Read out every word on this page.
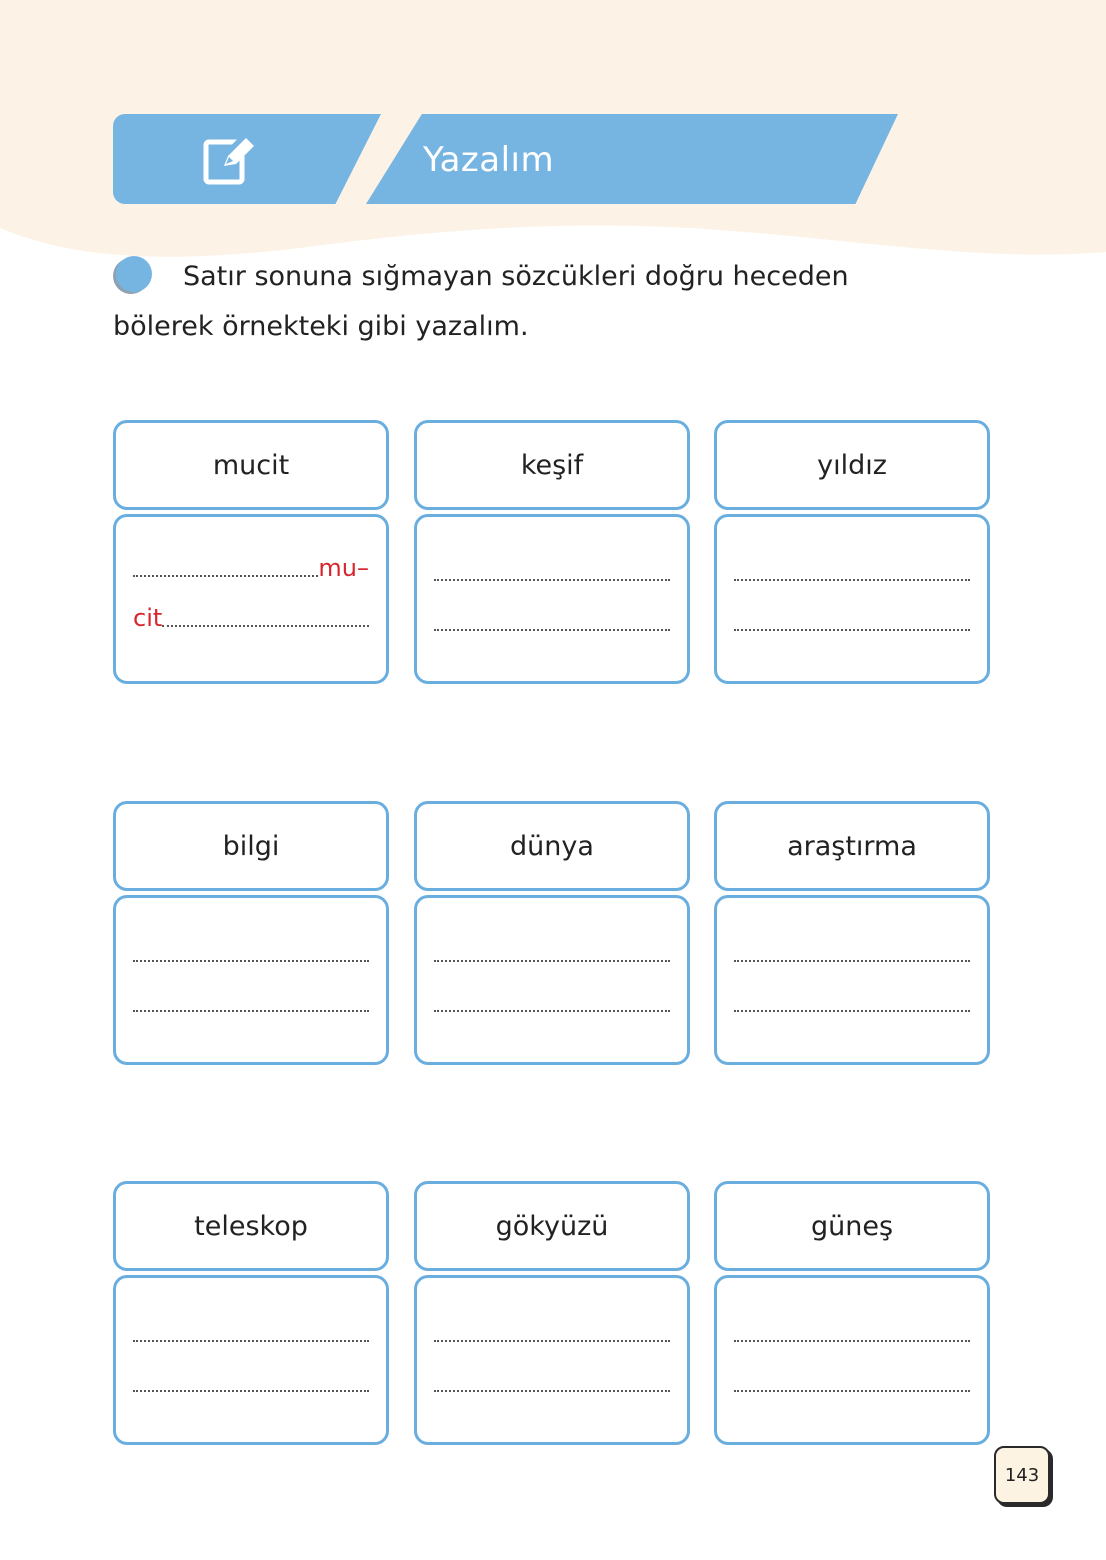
Yazalım

Satır sonuna sığmayan sözcükleri doğru heceden bölerek örnekteki gibi yazalım.

mucit
mu–
cit
keşif	yıldız
bilgi	dünya	araştırma
teleskop	gökyüzü	güneş
143
